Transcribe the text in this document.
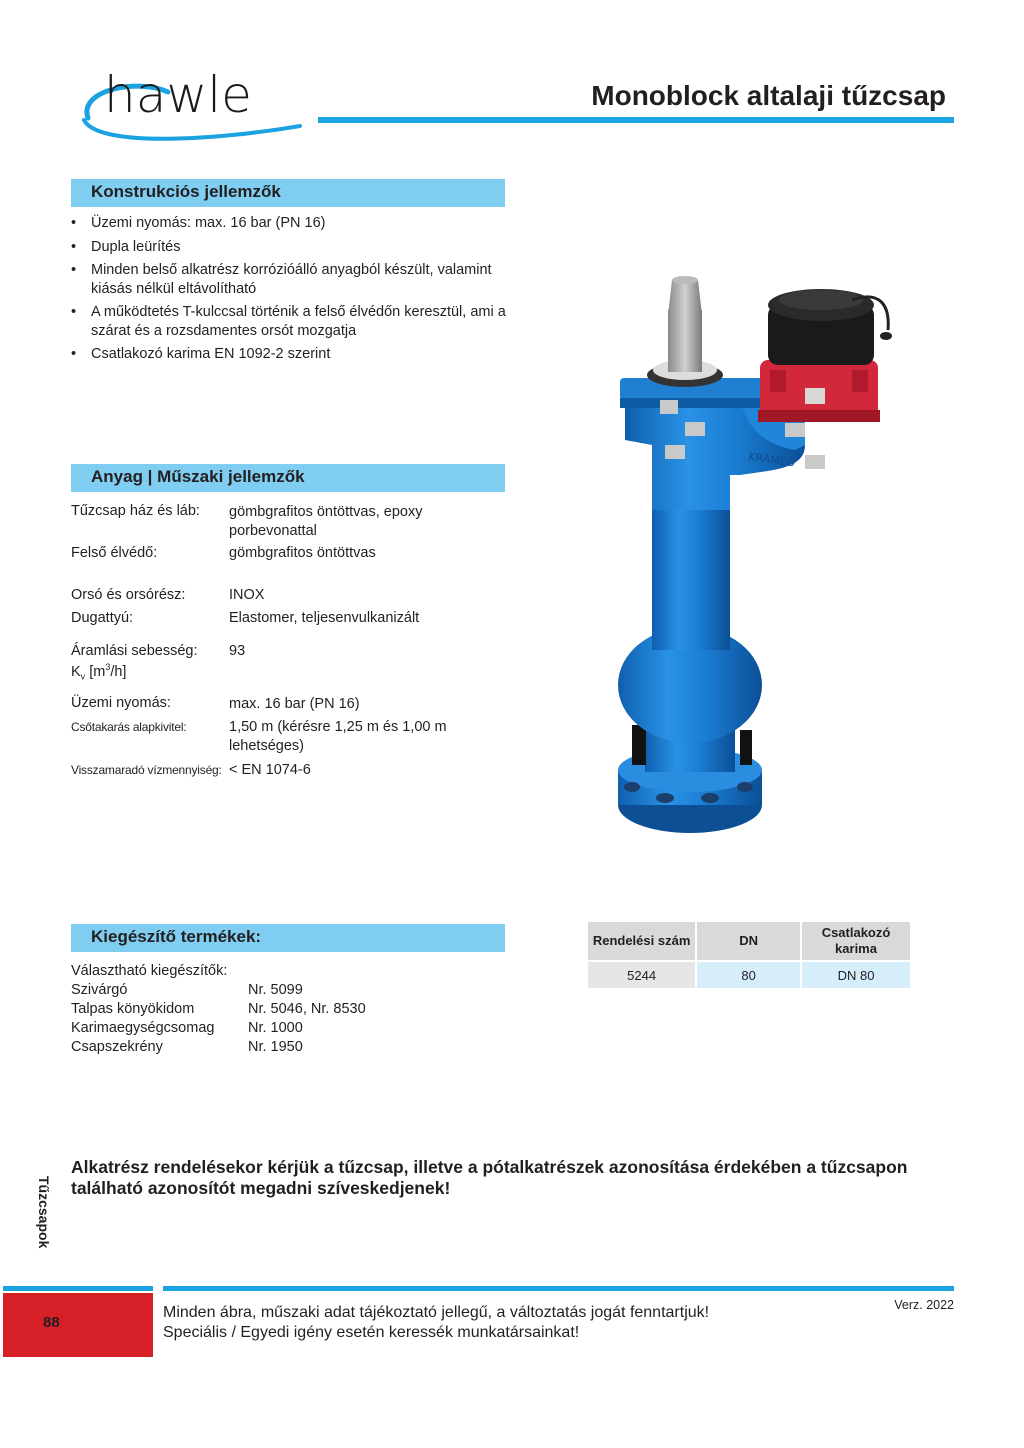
hawle	Monoblock altalaji tűzcsap
Konstrukciós jellemzők
• Üzemi nyomás: max. 16 bar (PN 16)
• Dupla leürítés
• Minden belső alkatrész korrózióálló anyagból készült, valamint kiásás nélkül eltávolítható
• A működtetés T-kulccsal történik a felső élvédőn keresztül, ami a szárat és a rozsdamentes orsót mozgatja
• Csatlakozó karima EN 1092-2 szerint
Anyag | Műszaki jellemzők
Tűzcsap ház és láb: gömbgrafitos öntöttvas, epoxy porbevonattal
Felső élvédő:	gömbgrafitos öntöttvas
Orsó és orsórész:	INOX
Dugattyú:	Elastomer, teljesenvulkanizált
Áramlási sebesség:
$K_v$ $[m^3/h]$
93
Üzemi nyomás:	max. 16 bar (PN 16)
Csőtakarás alapkivitel:	1,50 m (kérésre 1,25 m és 1,00 m lehetséges)
Visszamaradó vízmennyiség: < EN 1074-6
KRAMEO
Kiegészítő termékek:
Választható kiegészítők:
Szivárgó	Nr. 5099
Talpas könyökidom	Nr. 5046, Nr. 8530
Karimaegységcsomag Nr. 1000
Csapszekrény	Nr. 1950
Rendelési szám	DN	Csatlakozó karima
5244	80	DN 80
Alkatrész rendelésekor kérjük a tűzcsap, illetve a pótalkatrészek azonosítása érdekében a tűzcsapon található azonosítót megadni szíveskedjenek!
Tűzcsapok
88
Minden ábra, műszaki adat tájékoztató jellegű, a változtatás jogát fenntartjuk!
Speciális / Egyedi igény esetén keressék munkatársainkat!
Verz. 2022
